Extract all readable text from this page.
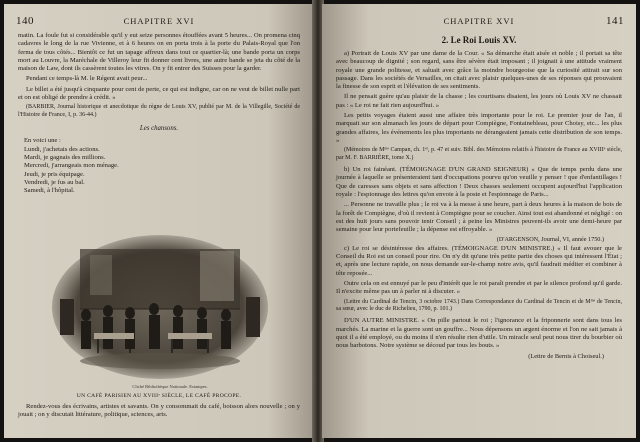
140	CHAPITRE XVI

matin. La foule fut si considérable qu'il y eut seize personnes étouffées avant 5 heures... On promena cinq cadavres le long de la rue Vivienne, et à 6 heures on en porta trois à la porte du Palais-Royal que l'on ferma de tous côtés... Bientôt ce fut un tapage affreux dans tout ce quartier-là; une bande porta un corps mort au Louvre, la Maréchale de Villeroy leur fit donner cent livres, une autre bande se jeta du côté de la maison de Law, dont ils cassèrent toutes les vitres. On y fit entrer des Suisses pour la garder.

Pendant ce temps-là M. le Régent avait peur...

Le billet a été jusqu'à cinquante pour cent de perte, ce qui est indigne, car on ne veut de billet nulle part et on est obligé de prendre à crédit. »

(BARBIER, Journal historique et anecdotique du règne de Louis XV, publié par M. de la Villegille, Société de l'Histoire de France, I, p. 36-44.)
Les chansons.
En voici une :
Lundi, j'achetais des actions.
Mardi, je gagnais des millions.
Mercredi, j'arrangeais mon ménage.
Jeudi, je pris équipage.
Vendredi, je fus au bal.
Samedi, à l'hôpital.
Cliché Bibliothèque Nationale. Estampes.
UN CAFÉ PARISIEN AU XVIIIᵉ SIÈCLE, LE CAFÉ PROCOPE.

Rendez-vous des écrivains, artistes et savants. On y consommait du café, boisson alors nouvelle ; on y jouait ; on y discutait littérature, politique, sciences, arts.

CHAPITRE XVI	141
2. Le Roi Louis XV.

a) Portrait de Louis XV par une dame de la Cour. « Sa démarche était aisée et noble ; il portait sa tête avec beaucoup de dignité ; son regard, sans être sévère était imposant ; il joignait à une attitude vraiment royale une grande politesse, et saluait avec grâce la moindre bourgeoise que la curiosité attirait sur son passage. Dans les sociétés de Versailles, on citait avec plaisir quelques-unes de ses réponses qui prouvaient la finesse de son esprit et l'élévation de ses sentiments.

Il ne pensait guère qu'au plaisir de la chasse ; les courtisans disaient, les jours où Louis XV ne chassait pas : « Le roi ne fait rien aujourd'hui. »

Les petits voyages étaient aussi une affaire très importante pour le roi. Le premier jour de l'an, il marquait sur son almanach les jours de départ pour Compiègne, Fontainebleau, pour Choisy, etc... les plus grandes affaires, les événements les plus importants ne dérangeaient jamais cette distribution de son temps. »

(Mémoires de Mᵐᵉ Campan, ch. 1ᵉʳ, p. 47 et suiv. Bibl. des Mémoires relatifs à l'histoire de France au XVIIIᵉ siècle, par M. F. BARRIÈRE, tome X.)

b) Un roi fainéant. (TÉMOIGNAGE D'UN GRAND SEIGNEUR) « Que de temps perdu dans une journée à laquelle se présenteraient tant d'occupations pourvu qu'on veuille y penser ! que d'enfantillages ! Que de caresses sans objets et sans affection ! Deux chasses seulement occupent aujourd'hui l'application royale : l'espionnage des lettres qu'on envoie à la poste et l'espionnage de Paris...

... Personne ne travaille plus ; le roi va à la messe à une heure, part à deux heures à la maison de bois de la forêt de Compiègne, d'où il revient à Compiègne pour se coucher. Ainsi tout est abandonné et négligé : on est des huit jours sans pouvoir tenir Conseil ; à peine les Ministres peuvent-ils avoir une demi-heure par semaine pour leur portefeuille ; la dépense est effroyable. »

(D'ARGENSON, Journal, VI, année 1750.)

c) Le roi se désintéresse des affaires. (TÉMOIGNAGE D'UN MINISTRE.) « Il faut avouer que le Conseil du Roi est un conseil pour rire. On n'y dit qu'une très petite partie des choses qui intéressent l'État ; et, après une lecture rapide, on nous demande sur-le-champ notre avis, qu'il faudrait méditer et combiner à tête reposée...

Outre cela on est ennuyé par le peu d'intérêt que le roi paraît prendre et par le silence profond qu'il garde. Il n'excite même pas un à parler ni à discuter. »

(Lettre du Cardinal de Tencin, 3 octobre 1743.) Dans Correspondance du Cardinal de Tencin et de Mᵐᵉ de Tencin, sa sœur, avec le duc de Richelieu, 1790, p. 101.)

D'UN AUTRE MINISTRE. « On pille partout le roi ; l'ignorance et la friponnerie sont dans tous les marchés. La marine et la guerre sont un gouffre... Nous dépensons un argent énorme et l'on ne sait jamais à quoi il a été employé, ou du moins il n'en résulte rien d'utile. Un miracle seul peut nous tirer du bourbier où nous barbotons. Notre système se découd par tous les bouts. »

(Lettre de Bernis à Choiseul.)
